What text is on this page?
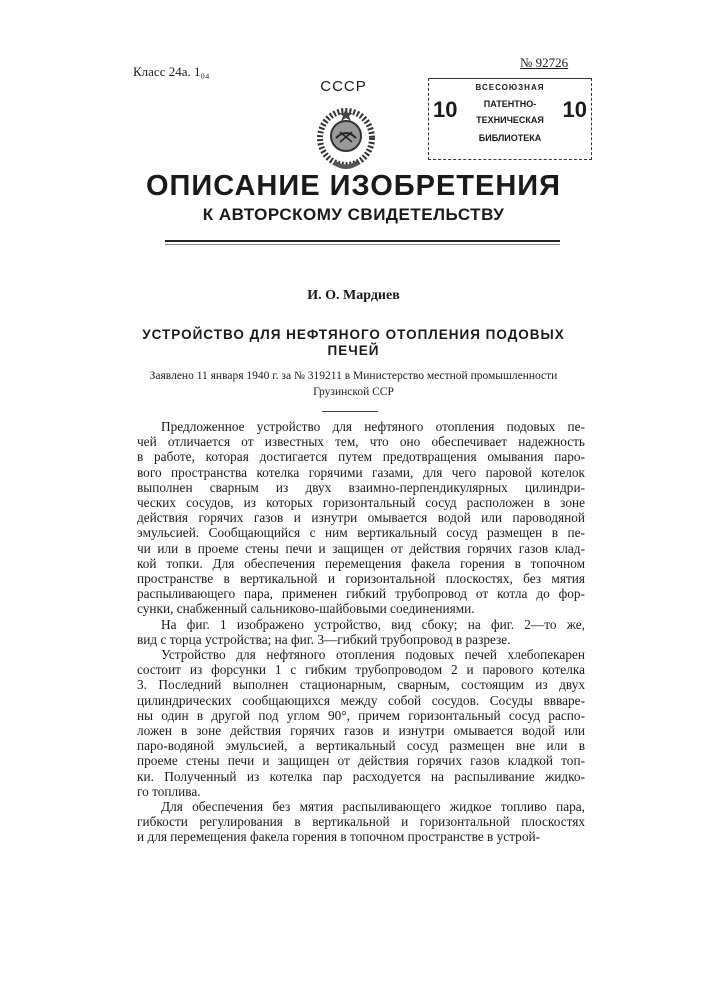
Класс 24а. 1₀₄
№ 92726
СССР	ВСЕСОЮЗНАЯ
10	ПАТЕНТНО-
ТЕХНИЧЕСКАЯ
БИБЛИОТЕКА
10
ОПИСАНИЕ ИЗОБРЕТЕНИЯ
К АВТОРСКОМУ СВИДЕТЕЛЬСТВУ
И. О. Мардиев
УСТРОЙСТВО ДЛЯ НЕФТЯНОГО ОТОПЛЕНИЯ ПОДОВЫХ
ПЕЧЕЙ
Заявлено 11 января 1940 г. за № 319211 в Министерство местной промышленности
Грузинской ССР
Предложенное устройство для нефтяного отопления подовых пе-
чей отличается от известных тем, что оно обеспечивает надежность
в работе, которая достигается путем предотвращения омывания паро-
вого пространства котелка горячими газами, для чего паровой котелок
выполнен сварным из двух взаимно-перпендикулярных цилиндри-
ческих сосудов, из которых горизонтальный сосуд расположен в зоне
действия горячих газов и изнутри омывается водой или пароводяной
эмульсией. Сообщающийся с ним вертикальный сосуд размещен в пе-
чи или в проеме стены печи и защищен от действия горячих газов клад-
кой топки. Для обеспечения перемещения факела горения в топочном
пространстве в вертикальной и горизонтальной плоскостях, без мятия
распыливающего пара, применен гибкий трубопровод от котла до фор-
сунки, снабженный сальниково-шайбовыми соединениями.
На фиг. 1 изображено устройство, вид сбоку; на фиг. 2—то же,
вид с торца устройства; на фиг. 3—гибкий трубопровод в разрезе.
Устройство для нефтяного отопления подовых печей хлебопекарен
состоит из форсунки 1 с гибким трубопроводом 2 и парового котелка
3. Последний выполнен стационарным, сварным, состоящим из двух
цилиндрических сообщающихся между собой сосудов. Сосуды ввваре-
ны один в другой под углом 90°, причем горизонтальный сосуд распо-
ложен в зоне действия горячих газов и изнутри омывается водой или
паро-водяной эмульсией, а вертикальный сосуд размещен вне или в
проеме стены печи и защищен от действия горячих газов кладкой топ-
ки. Полученный из котелка пар расходуется на распыливание жидко-
го топлива.
Для обеспечения без мятия распыливающего жидкое топливо пара,
гибкости регулирования в вертикальной и горизонтальной плоскостях
и для перемещения факела горения в топочном пространстве в устрой-
